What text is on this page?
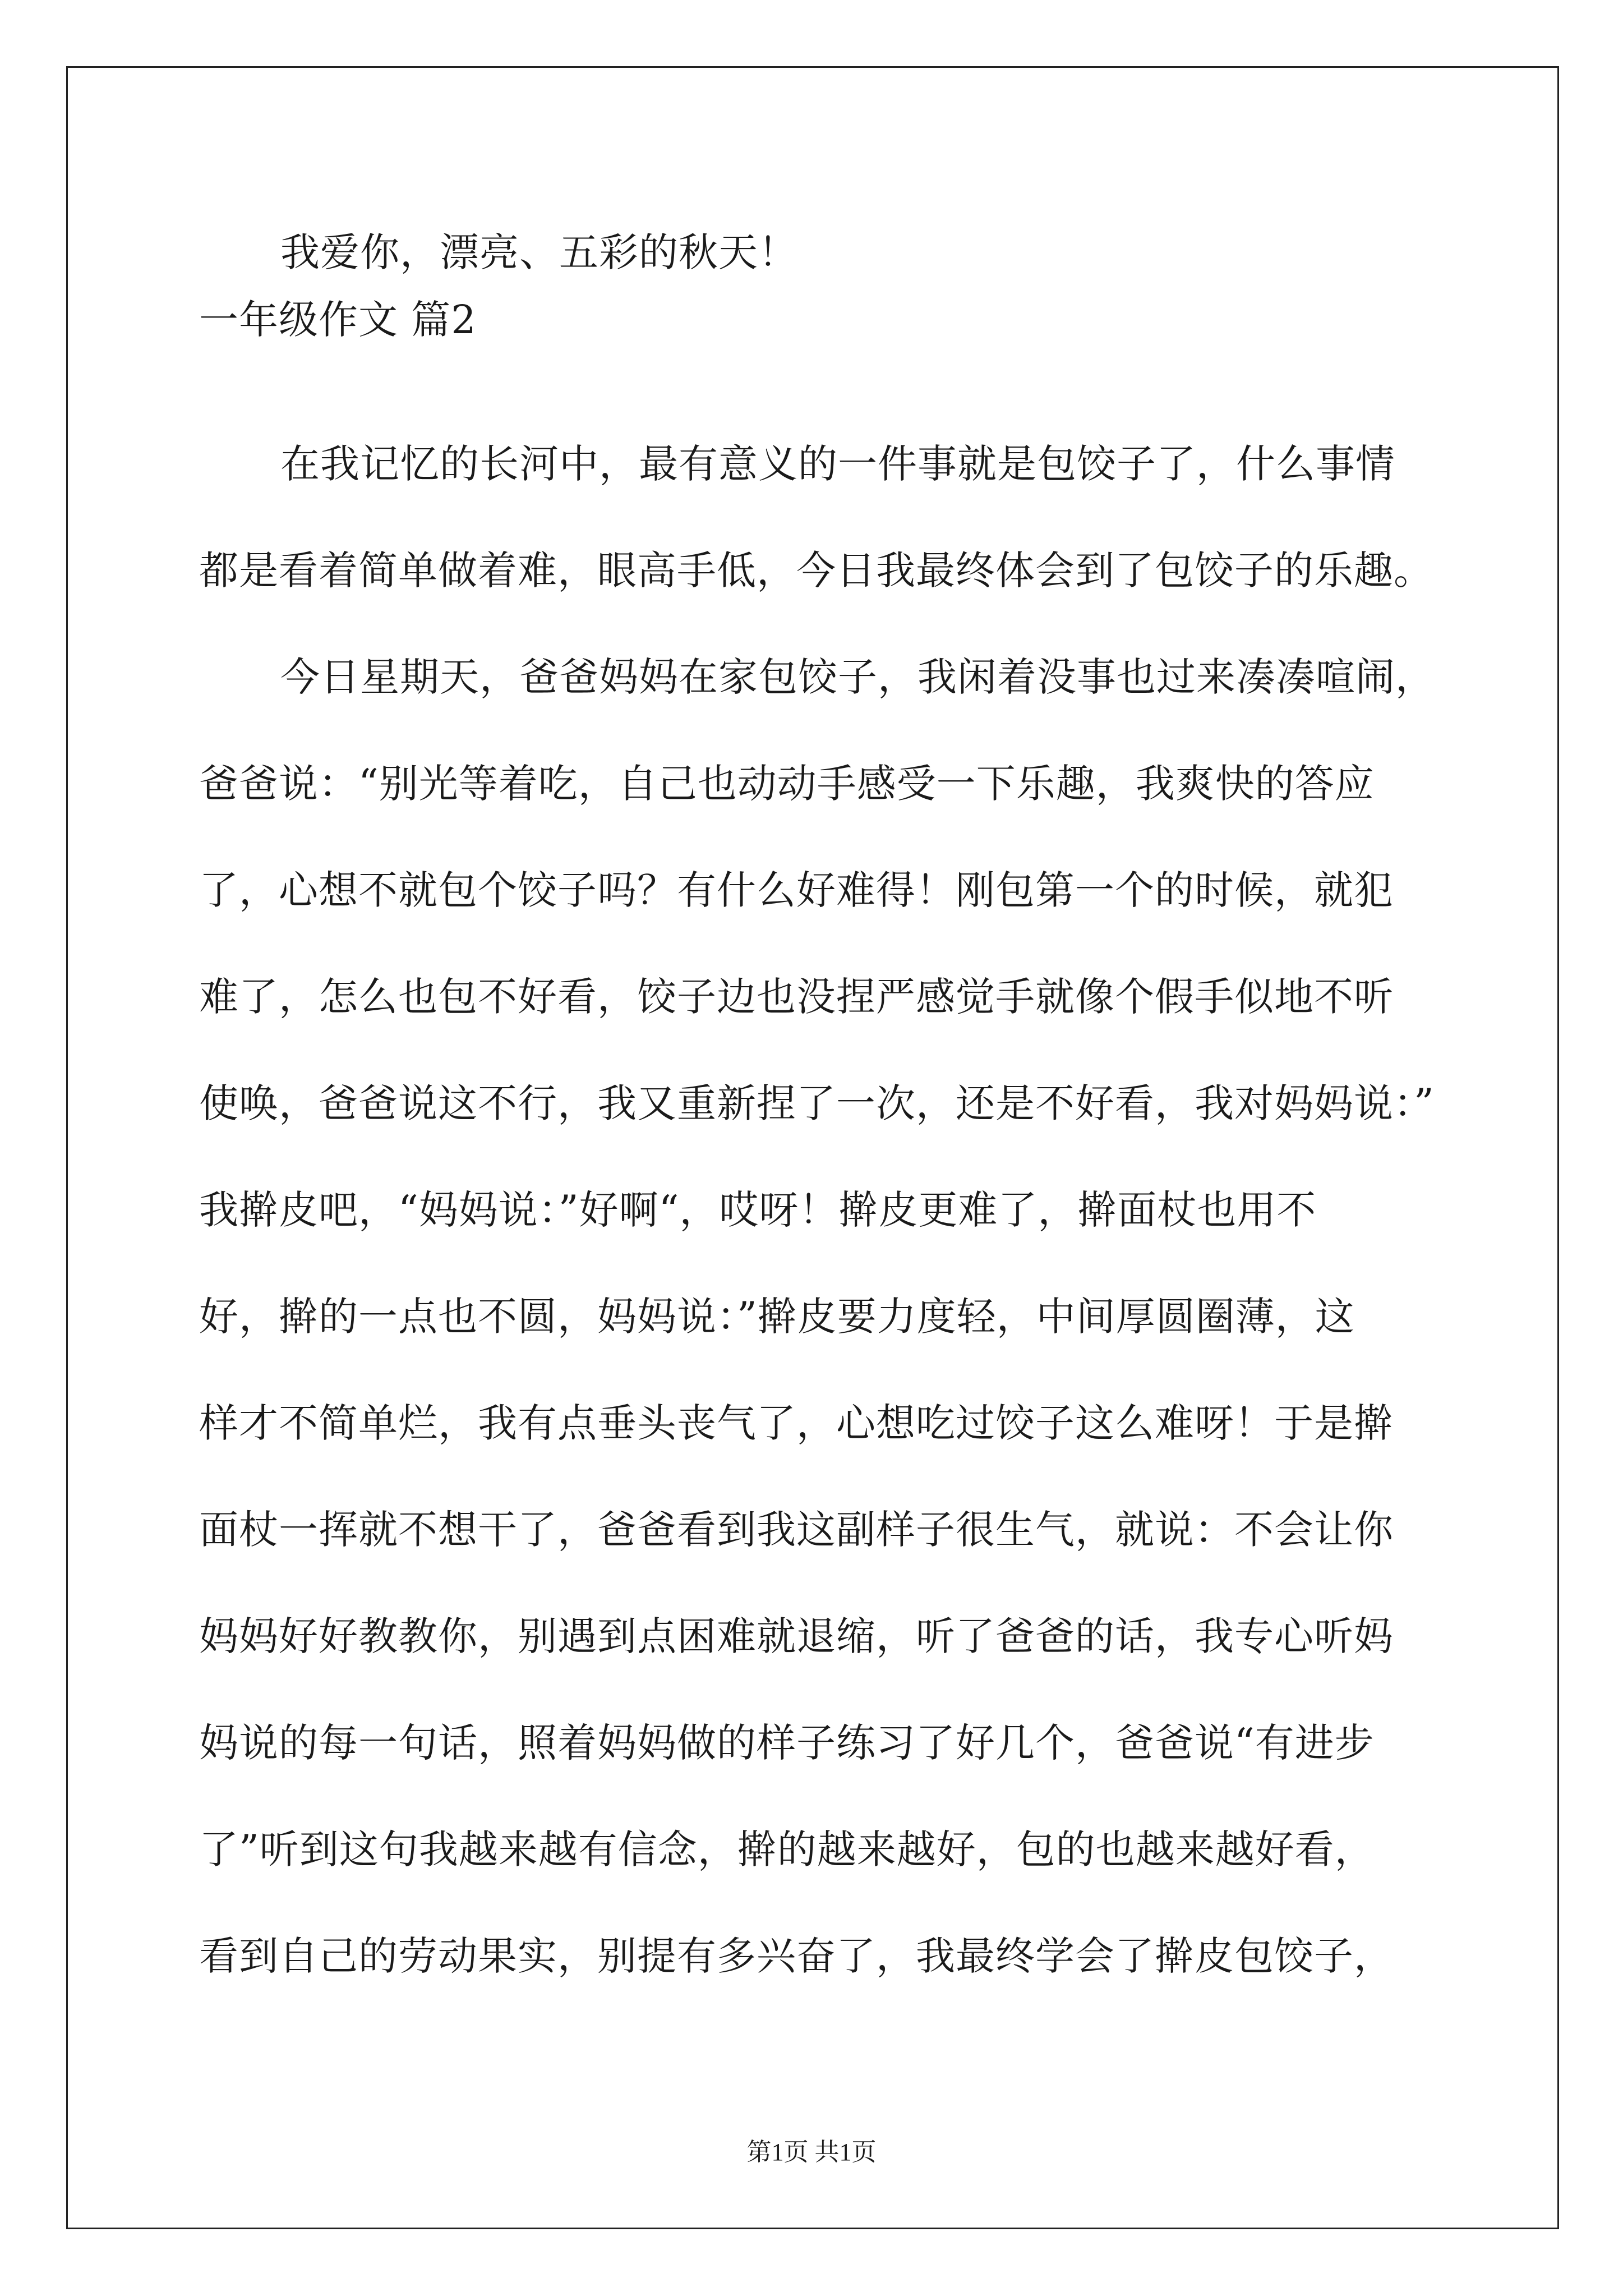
我爱你，漂亮、五彩的秋天！
一年级作文 篇2
在我记忆的长河中，最有意义的一件事就是包饺子了，什么事情
都是看着简单做着难，眼高手低，今日我最终体会到了包饺子的乐趣。
今日星期天，爸爸妈妈在家包饺子，我闲着没事也过来凑凑喧闹，
爸爸说：“别光等着吃，自己也动动手感受一下乐趣，我爽快的答应
了，心想不就包个饺子吗？有什么好难得！刚包第一个的时候，就犯
难了，怎么也包不好看，饺子边也没捏严感觉手就像个假手似地不听
使唤，爸爸说这不行，我又重新捏了一次，还是不好看，我对妈妈说：”
我擀皮吧，“妈妈说：”好啊“，哎呀！擀皮更难了，擀面杖也用不
好，擀的一点也不圆，妈妈说：”擀皮要力度轻，中间厚圆圈薄，这
样才不简单烂，我有点垂头丧气了，心想吃过饺子这么难呀！于是擀
面杖一挥就不想干了，爸爸看到我这副样子很生气，就说：不会让你
妈妈好好教教你，别遇到点困难就退缩，听了爸爸的话，我专心听妈
妈说的每一句话，照着妈妈做的样子练习了好几个，爸爸说“有进步
了”听到这句我越来越有信念，擀的越来越好，包的也越来越好看，
看到自己的劳动果实，别提有多兴奋了，我最终学会了擀皮包饺子，
第1页 共1页
